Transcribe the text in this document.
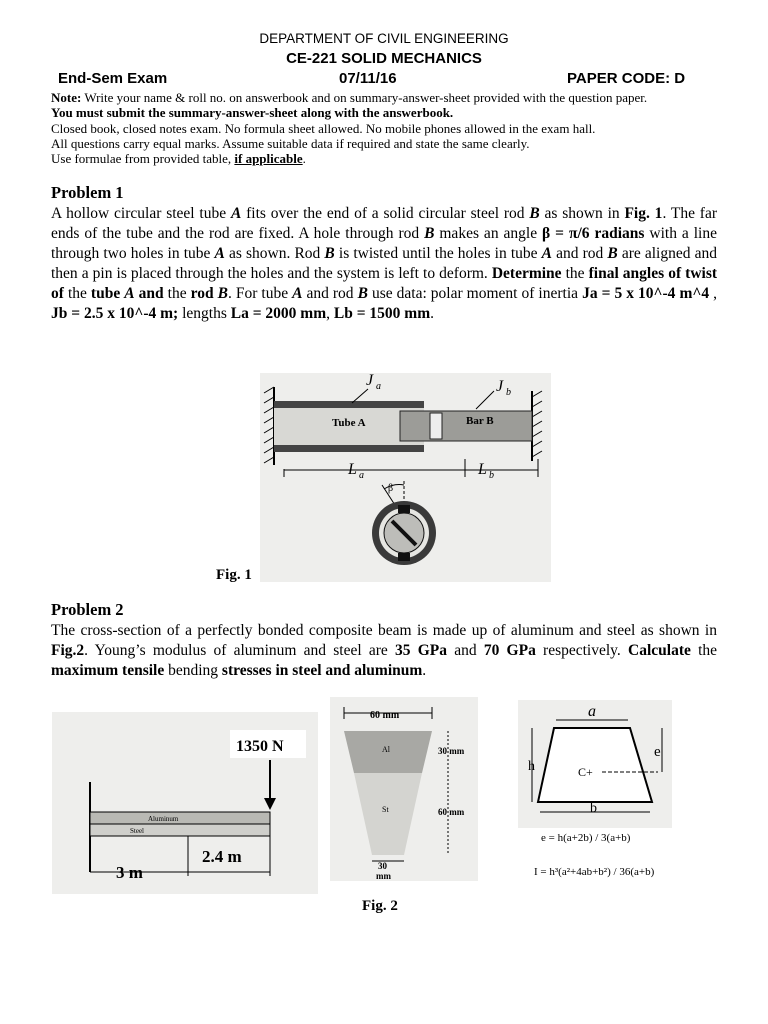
DEPARTMENT OF CIVIL ENGINEERING
CE-221 SOLID MECHANICS
End-Sem Exam	07/11/16	PAPER CODE: D
Note: Write your name & roll no. on answerbook and on summary-answer-sheet provided with the question paper.
You must submit the summary-answer-sheet along with the answerbook.
Closed book, closed notes exam. No formula sheet allowed. No mobile phones allowed in the exam hall.
All questions carry equal marks. Assume suitable data if required and state the same clearly.
Use formulae from provided table, if applicable.
Problem 1
A hollow circular steel tube A fits over the end of a solid circular steel rod B as shown in Fig. 1. The far ends of the tube and the rod are fixed. A hole through rod B makes an angle β = π/6 radians with a line through two holes in tube A as shown. Rod B is twisted until the holes in tube A and rod B are aligned and then a pin is placed through the holes and the system is left to deform. Determine the final angles of twist of the tube A and the rod B. For tube A and rod B use data: polar moment of inertia Ja = 5 x 10^-4 m^4 , Jb = 2.5 x 10^-4 m; lengths La = 2000 mm, Lb = 1500 mm.
Tube A	Bar B
J a	J b
L a	L b
β
Fig. 1
Problem 2
The cross-section of a perfectly bonded composite beam is made up of aluminum and steel as shown in Fig.2. Young’s modulus of aluminum and steel are 35 GPa and 70 GPa respectively. Calculate the maximum tensile bending stresses in steel and aluminum.
1350 N
Aluminum
Steel
3 m
2.4 m
60 mm
Al
St
30 mm
60 mm
30
mm
Fig. 2
a
h
e
C+
b
e = h(a+2b) / 3(a+b)
I = h³(a²+4ab+b²) / 36(a+b)
